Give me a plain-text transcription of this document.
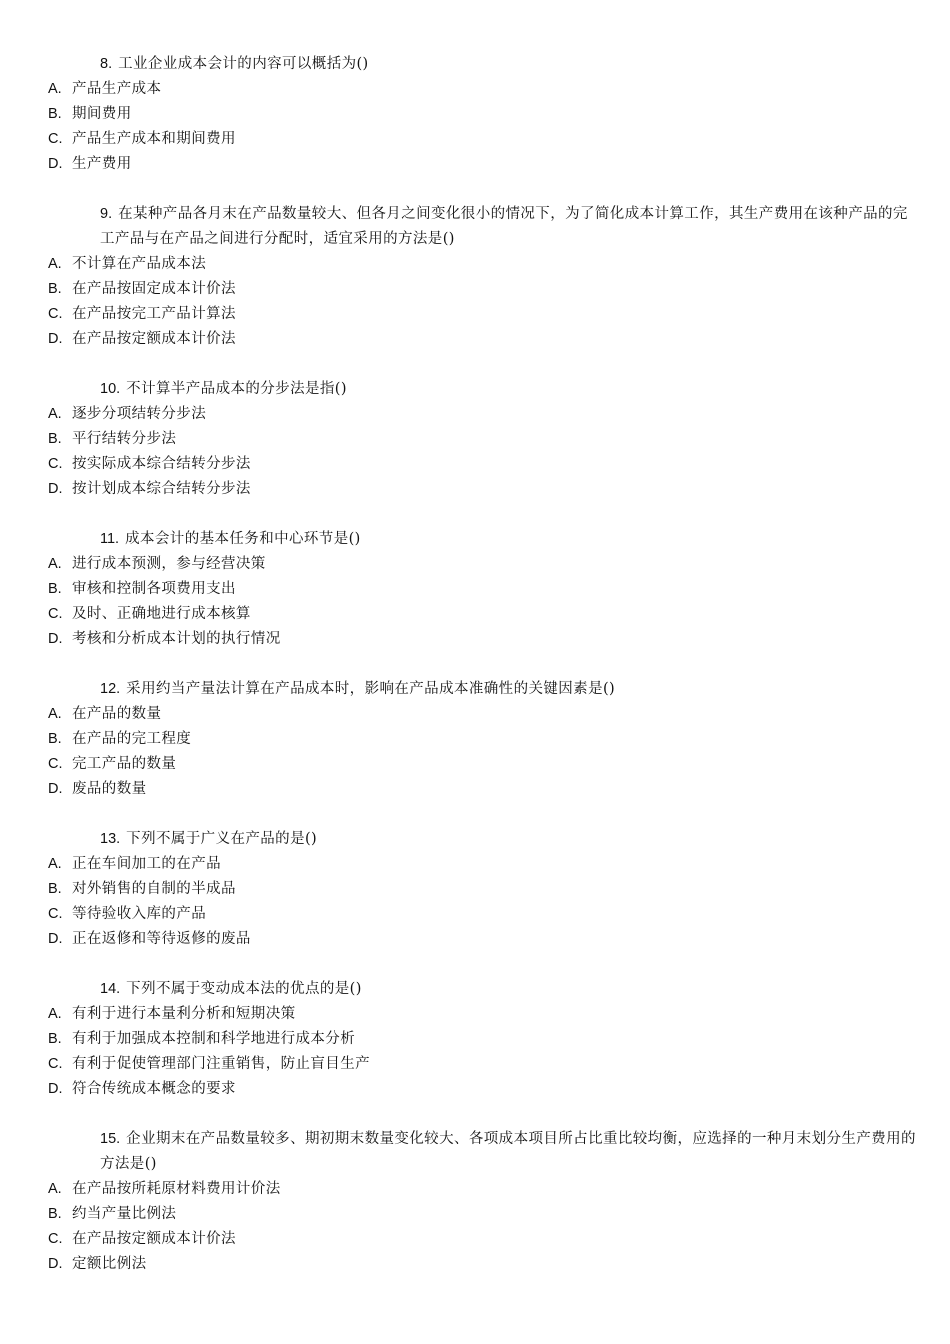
8. 工业企业成本会计的内容可以概括为()
A. 产品生产成本
B. 期间费用
C. 产品生产成本和期间费用
D. 生产费用
9. 在某种产品各月末在产品数量较大、但各月之间变化很小的情况下，为了简化成本计算工作，其生产费用在该种产品的完工产品与在产品之间进行分配时，适宜采用的方法是()
A. 不计算在产品成本法
B. 在产品按固定成本计价法
C. 在产品按完工产品计算法
D. 在产品按定额成本计价法
10. 不计算半产品成本的分步法是指()
A. 逐步分项结转分步法
B. 平行结转分步法
C. 按实际成本综合结转分步法
D. 按计划成本综合结转分步法
11. 成本会计的基本任务和中心环节是()
A. 进行成本预测，参与经营决策
B. 审核和控制各项费用支出
C. 及时、正确地进行成本核算
D. 考核和分析成本计划的执行情况
12. 采用约当产量法计算在产品成本时，影响在产品成本准确性的关键因素是()
A. 在产品的数量
B. 在产品的完工程度
C. 完工产品的数量
D. 废品的数量
13. 下列不属于广义在产品的是()
A. 正在车间加工的在产品
B. 对外销售的自制的半成品
C. 等待验收入库的产品
D. 正在返修和等待返修的废品
14. 下列不属于变动成本法的优点的是()
A. 有利于进行本量利分析和短期决策
B. 有利于加强成本控制和科学地进行成本分析
C. 有利于促使管理部门注重销售，防止盲目生产
D. 符合传统成本概念的要求
15. 企业期末在产品数量较多、期初期末数量变化较大、各项成本项目所占比重比较均衡，应选择的一种月末划分生产费用的方法是()
A. 在产品按所耗原材料费用计价法
B. 约当产量比例法
C. 在产品按定额成本计价法
D. 定额比例法
